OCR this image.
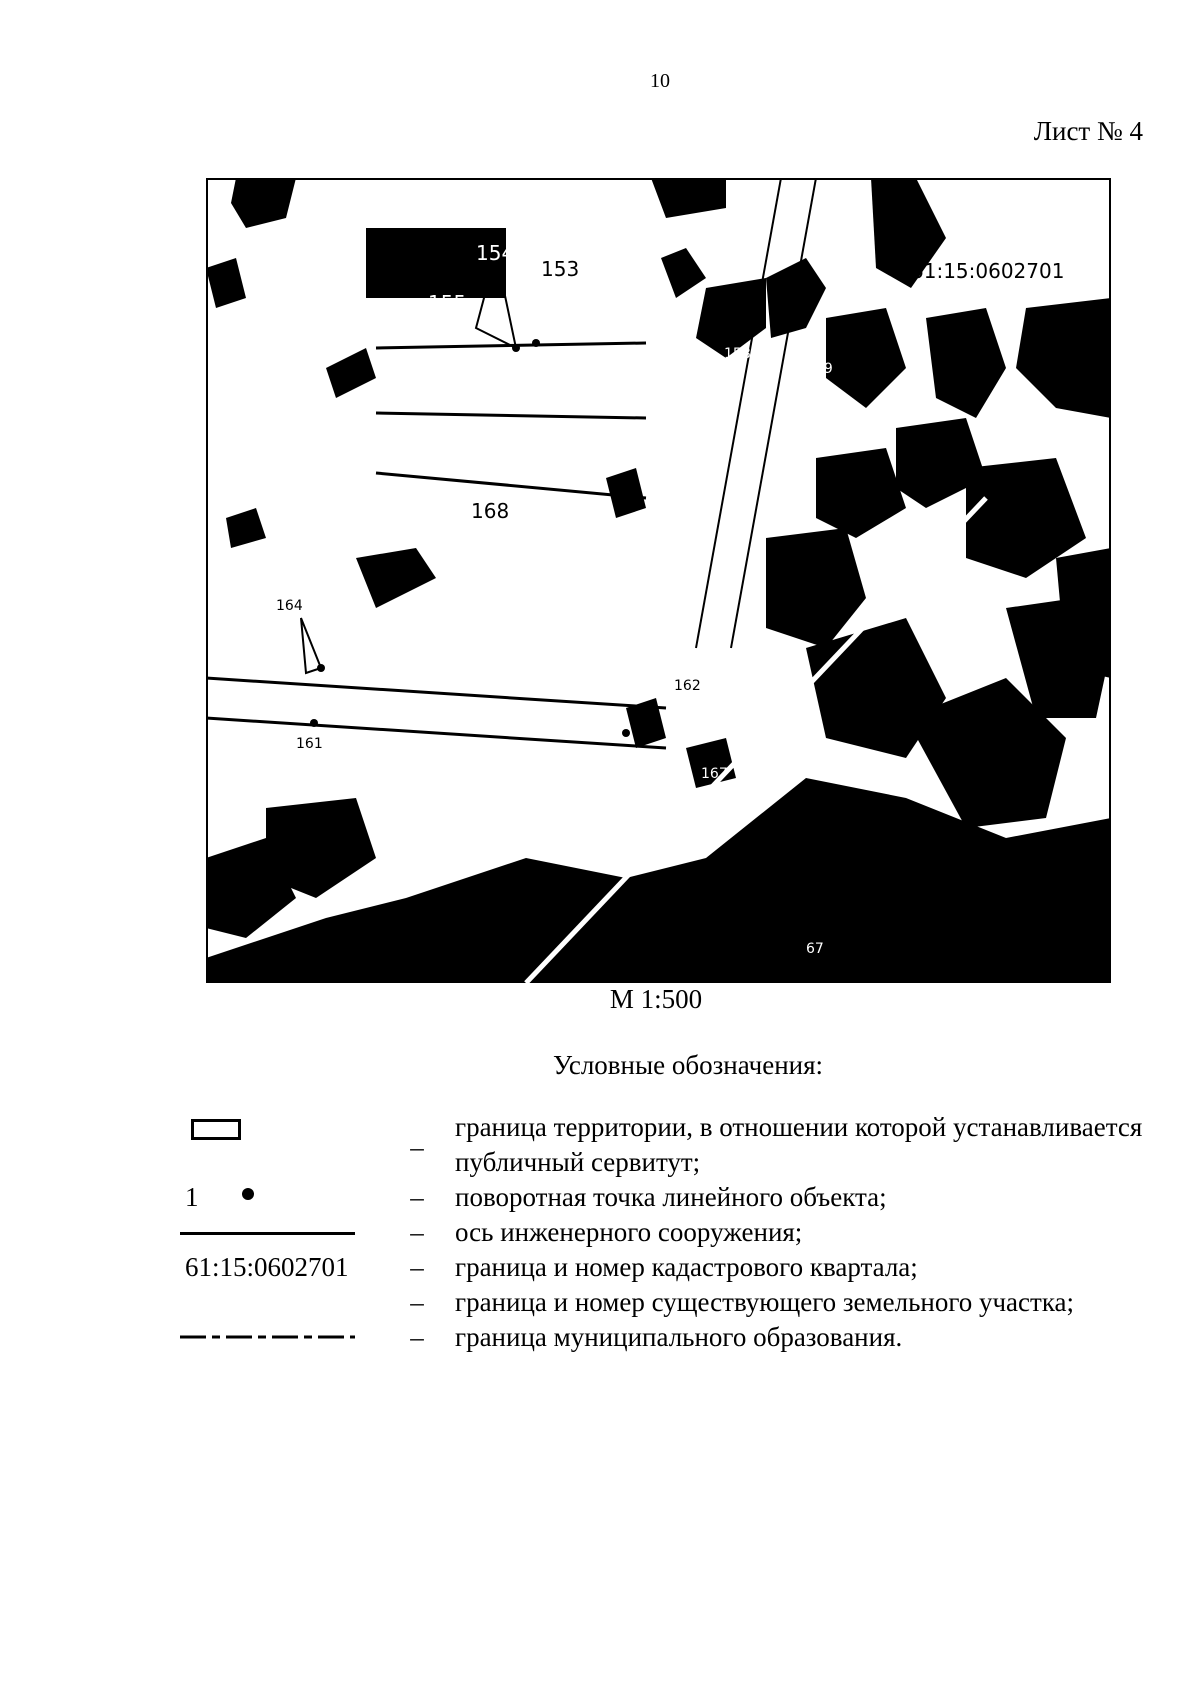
10
Лист № 4
154
153
155
61:15:0602701
168
158
169
164
165
161
162
167
67
М 1:500
Условные обозначения:
–
граница территории, в отношении которой устанавливается публичный сервитут;
1	– поворотная точка линейного объекта;
– ось инженерного сооружения;
61:15:0602701 – граница и номер кадастрового квартала;
– граница и номер существующего земельного участка;
– граница муниципального образования.
